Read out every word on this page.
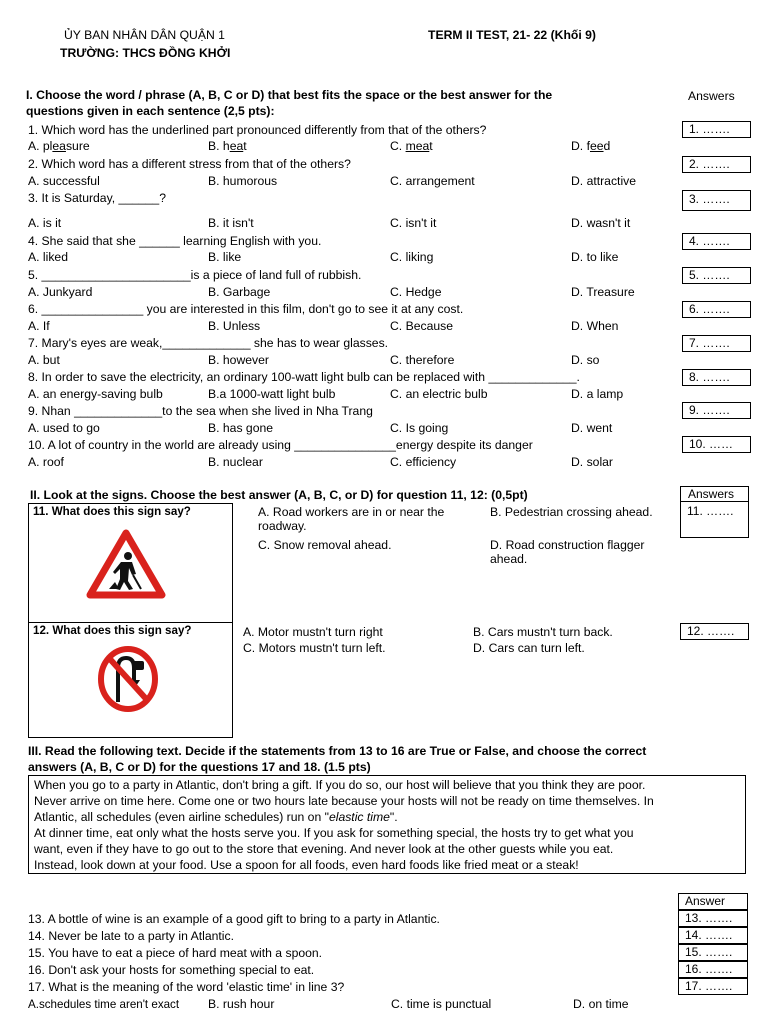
ỦY BAN NHÂN DÂN QUẬN 1
TRƯỜNG: THCS ĐỒNG KHỞI
TERM II TEST, 21- 22 (Khối 9)
I. Choose the word / phrase (A, B, C or D) that best fits the space or the best answer for the
questions given in each sentence (2,5 pts):
Answers
1. Which word has the underlined part pronounced differently from that of the others?
A. pleasure	B. heat	C. meat	D. feed
1. …….
2. Which word has a different stress from that of the others?
A. successful	B. humorous	C. arrangement	D. attractive
2. …….
3. It is Saturday, ______?
A. is it	B. it isn't	C. isn't it	D. wasn't it
3. …….
4. She said that she ______ learning English with you.
A. liked	B. like	C. liking	D. to like
4. …….
5. ______________________is a piece of land full of rubbish.
A. Junkyard	B. Garbage	C. Hedge	D. Treasure
5. …….
6. _______________ you are interested in this film, don't go to see it at any cost.
A. If	B. Unless	C. Because	D. When
6. …….
7. Mary's eyes are weak,_____________ she has to wear glasses.
A. but	B. however	C. therefore	D. so
7. …….
8. In order to save the electricity, an ordinary 100-watt light bulb can be replaced with _____________.
A. an energy-saving bulb	B.a 1000-watt light bulb	C. an electric bulb	D. a lamp
8. …….
9. Nhan _____________to the sea when she lived in Nha Trang
A. used to go	B. has gone	C. Is going	D. went
9. …….
10. A lot of country in the world are already using _______________energy despite its danger
A. roof	B. nuclear	C. efficiency	D. solar
10. ……
II. Look at the signs. Choose the best answer (A, B, C, or D) for question 11, 12: (0,5pt)	Answers
11. …….
11. What does this sign say?	A. Road workers are in or near the roadway.
B. Pedestrian crossing ahead.
C. Snow removal ahead.	D. Road construction flagger ahead.
12. What does this sign say?	A. Motor mustn't turn right	B. Cars mustn't turn back.
C. Motors mustn't turn left.	D. Cars can turn left.
12. …….
III. Read the following text. Decide if the statements from 13 to 16 are True or False, and choose the correct
answers (A, B, C or D) for the questions 17 and 18. (1.5 pts)
When you go to a party in Atlantic, don't bring a gift. If you do so, our host will believe that you think they are poor.
Never arrive on time here. Come one or two hours late because your hosts will not be ready on time themselves. In
Atlantic, all schedules (even airline schedules) run on "elastic time".
At dinner time, eat only what the hosts serve you. If you ask for something special, the hosts try to get what you
want, even if they have to go out to the store that evening. And never look at the other guests while you eat.
Instead, look down at your food. Use a spoon for all foods, even hard foods like fried meat or a steak!
Answer
13. …….
14. …….
15. …….
16. …….
17. …….
13. A bottle of wine is an example of a good gift to bring to a party in Atlantic.
14. Never be late to a party in Atlantic.
15. You have to eat a piece of hard meat with a spoon.
16. Don't ask your hosts for something special to eat.
17. What is the meaning of the word 'elastic time' in line 3?
A.schedules time aren't exact B. rush hour	C. time is punctual	D. on time
